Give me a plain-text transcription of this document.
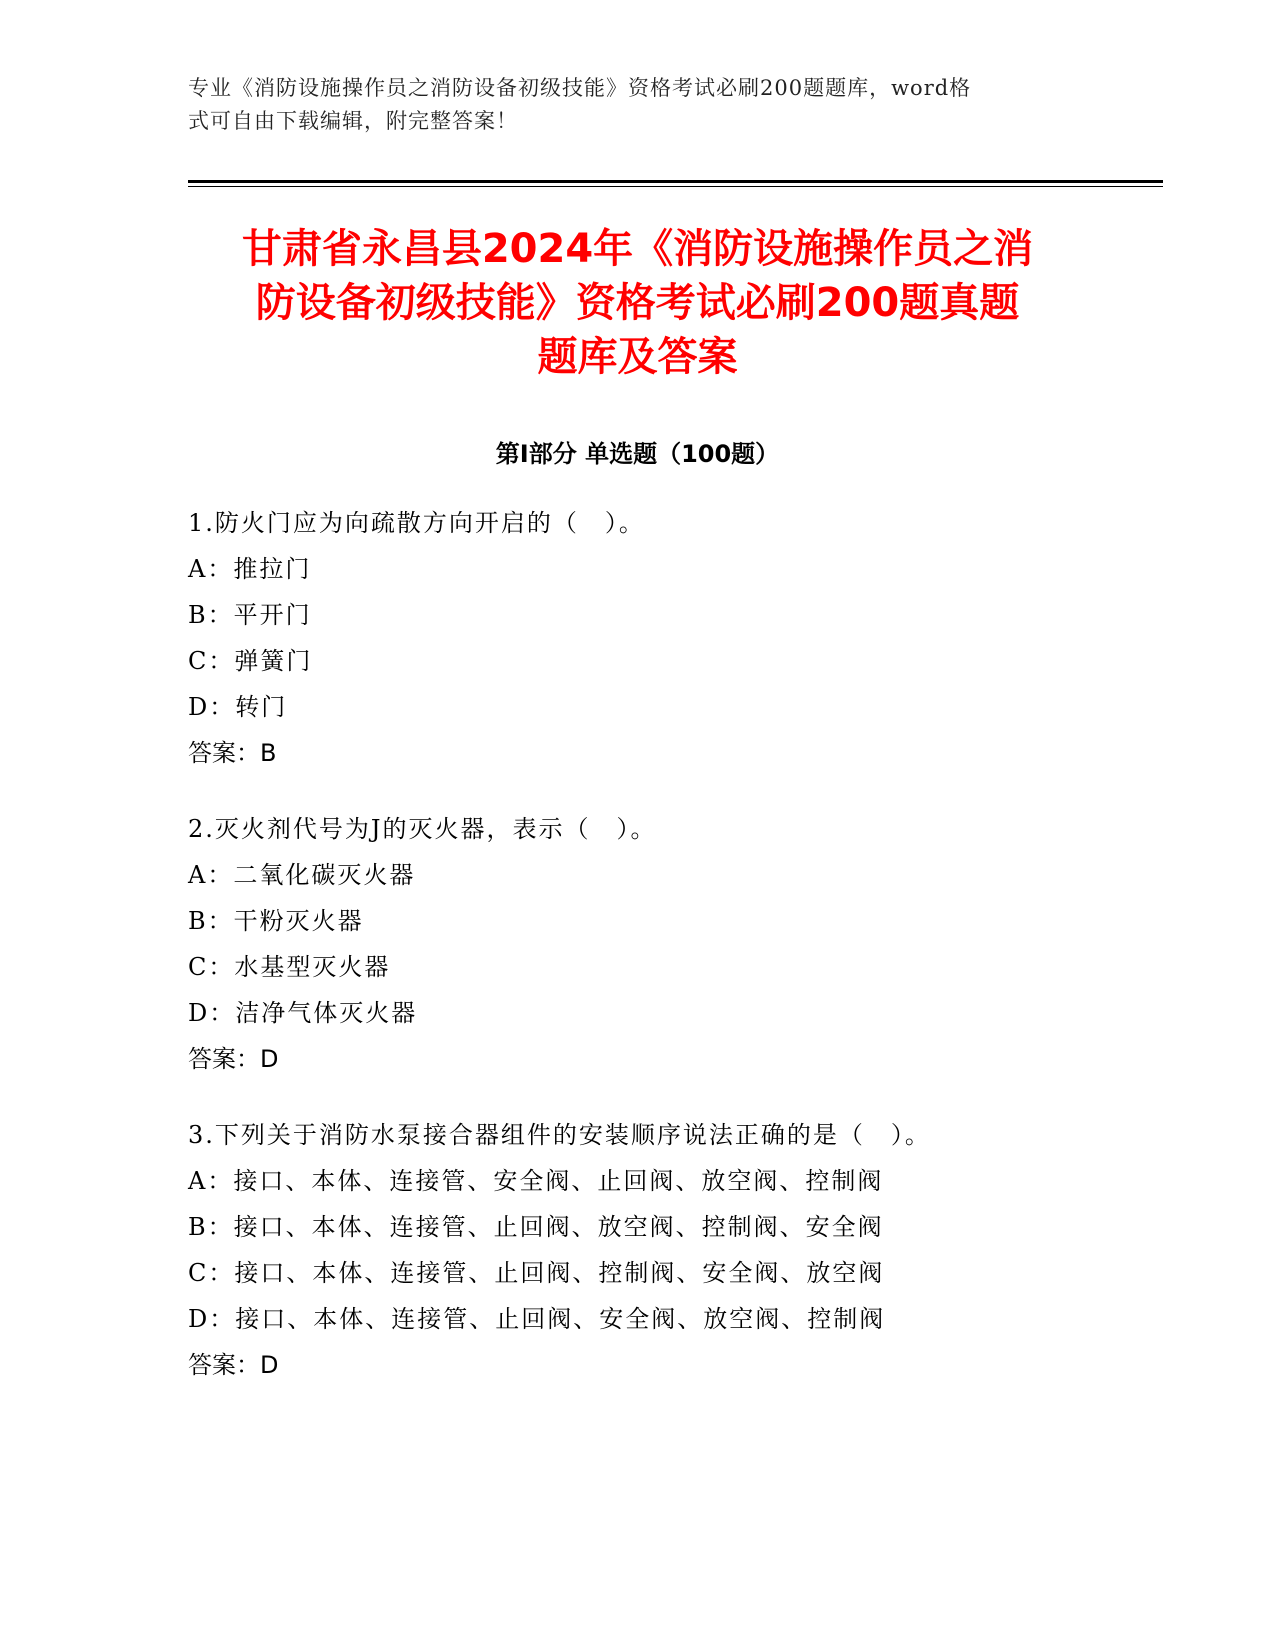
专业《消防设施操作员之消防设备初级技能》资格考试必刷200题题库，word格
式可自由下载编辑，附完整答案！
甘肃省永昌县2024年《消防设施操作员之消
防设备初级技能》资格考试必刷200题真题
题库及答案
第Ⅰ部分 单选题（100题）
1.防火门应为向疏散方向开启的（　）。
A：推拉门
B：平开门
C：弹簧门
D：转门
答案：B
2.灭火剂代号为J的灭火器，表示（　）。
A：二氧化碳灭火器
B：干粉灭火器
C：水基型灭火器
D：洁净气体灭火器
答案：D
3.下列关于消防水泵接合器组件的安装顺序说法正确的是（　）。
A：接口、本体、连接管、安全阀、止回阀、放空阀、控制阀
B：接口、本体、连接管、止回阀、放空阀、控制阀、安全阀
C：接口、本体、连接管、止回阀、控制阀、安全阀、放空阀
D：接口、本体、连接管、止回阀、安全阀、放空阀、控制阀
答案：D
